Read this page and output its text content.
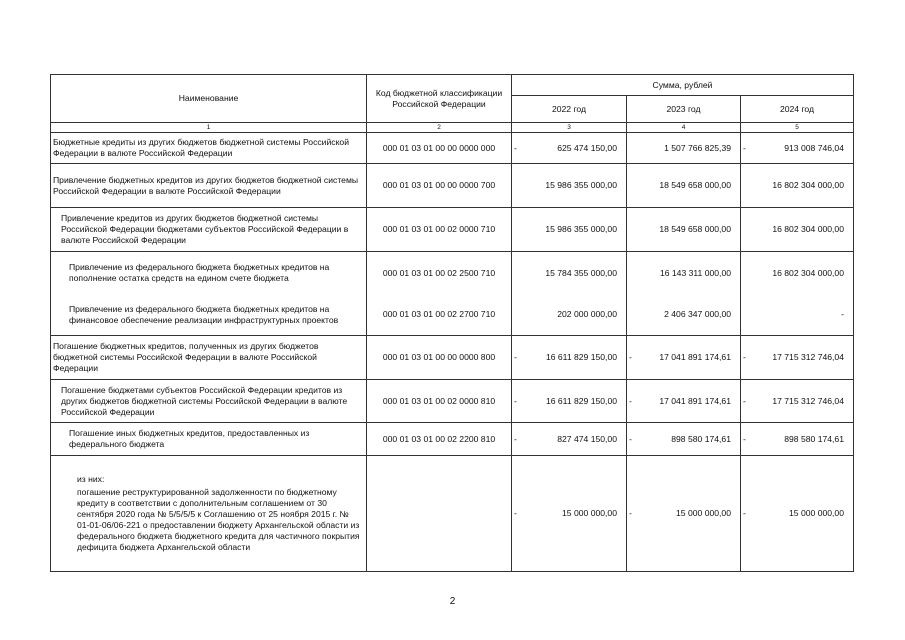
Наименование	Код бюджетной классификации Российской Федерации	Сумма, рублей		
		2022 год	2023 год	2024 год
1	2	3	4	5
Бюджетные кредиты из других бюджетов бюджетной системы Российской Федерации в валюте Российской Федерации	000 01 03 01 00 00 0000 000	- 625 474 150,00	1 507 766 825,39	- 913 008 746,04
Привлечение бюджетных кредитов из других бюджетов бюджетной системы Российской Федерации в валюте Российской Федерации	000 01 03 01 00 00 0000 700	15 986 355 000,00	18 549 658 000,00	16 802 304 000,00
Привлечение кредитов из других бюджетов бюджетной системы Российской Федерации бюджетами субъектов Российской Федерации в валюте Российской Федерации	000 01 03 01 00 02 0000 710	15 986 355 000,00	18 549 658 000,00	16 802 304 000,00
Привлечение из федерального бюджета бюджетных кредитов на пополнение остатка средств на едином счете бюджета	000 01 03 01 00 02 2500 710	15 784 355 000,00	16 143 311 000,00	16 802 304 000,00
Привлечение из федерального бюджета бюджетных кредитов на финансовое обеспечение реализации инфраструктурных проектов	000 01 03 01 00 02 2700 710	202 000 000,00	2 406 347 000,00	-
Погашение бюджетных кредитов, полученных из других бюджетов бюджетной системы Российской Федерации в валюте Российской Федерации	000 01 03 01 00 00 0000 800	- 16 611 829 150,00	- 17 041 891 174,61	- 17 715 312 746,04
Погашение бюджетами субъектов Российской Федерации кредитов из других бюджетов бюджетной системы Российской Федерации в валюте Российской Федерации	000 01 03 01 00 02 0000 810	- 16 611 829 150,00	- 17 041 891 174,61	- 17 715 312 746,04
Погашение иных бюджетных кредитов, предоставленных из федерального бюджета	000 01 03 01 00 02 2200 810	- 827 474 150,00	- 898 580 174,61	- 898 580 174,61

из них:
погашение реструктурированной задолженности по бюджетному кредиту в соответствии с дополнительным соглашением от 30 сентября 2020 года № 5/5/5/5 к Соглашению от 25 ноября 2015 г. № 01-01-06/06-221 о предоставлении бюджету Архангельской области из федерального бюджета бюджетного кредита для частичного покрытия дефицита бюджета Архангельской области		- 15 000 000,00	- 15 000 000,00	- 15 000 000,00
2
